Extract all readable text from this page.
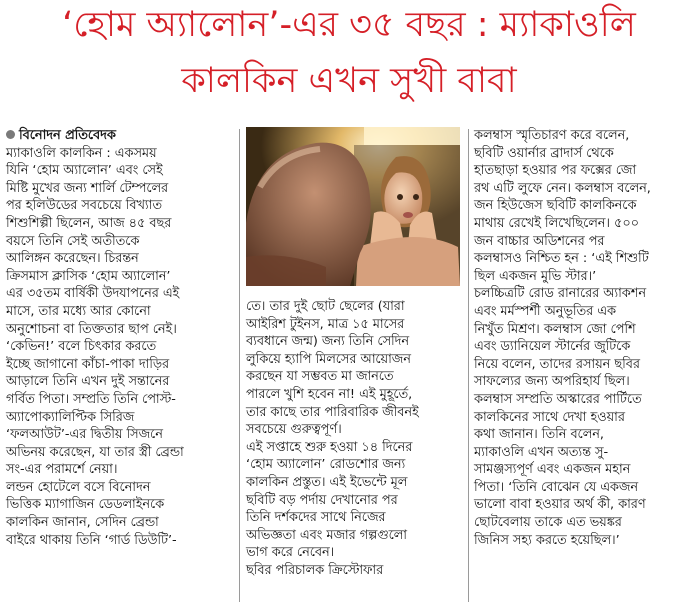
‘হোম অ্যালোন’-এর ৩৫ বছর : ম্যাকাওলি
কালকিন এখন সুখী বাবা
বিনোদন প্রতিবেদক
ম্যাকাওলি কালকিন : একসময়
যিনি ‘হোম অ্যালোন’ এবং সেই
মিষ্টি মুখের জন্য শার্লি টেম্পলের
পর হলিউডের সবচেয়ে বিখ্যাত
শিশুশিল্পী ছিলেন, আজ ৪৫ বছর
বয়সে তিনি সেই অতীতকে
আলিঙ্গন করেছেন। চিরন্তন
ক্রিসমাস ক্লাসিক ‘হোম অ্যালোন’
এর ৩৫তম বার্ষিকী উদযাপনের এই
মাসে, তার মধ্যে আর কোনো
অনুশোচনা বা তিক্ততার ছাপ নেই।
‘কেভিন!’ বলে চিৎকার করতে
ইচ্ছে জাগানো কাঁচা-পাকা দাড়ির
আড়ালে তিনি এখন দুই সন্তানের
গর্বিত পিতা। সম্প্রতি তিনি পোস্ট-
অ্যাপোক্যালিপ্টিক সিরিজ
‘ফলআউট’-এর দ্বিতীয় সিজনে
অভিনয় করেছেন, যা তার স্ত্রী ব্রেন্ডা
সং-এর পরামর্শে নেয়া।
লন্ডন হোটেলে বসে বিনোদন
ভিত্তিক ম্যাগাজিন ডেডলাইনকে
কালকিন জানান, সেদিন ব্রেন্ডা
বাইরে থাকায় তিনি ‘গার্ড ডিউটি’-
তে। তার দুই ছোট ছেলের (যারা
আইরিশ টুইনস, মাত্র ১৫ মাসের
ব্যবধানে জন্ম) জন্য তিনি সেদিন
লুকিয়ে হ্যাপি মিলসের আয়োজন
করছেন যা সম্ভবত মা জানতে
পারলে খুশি হবেন না! এই মুহূর্তে,
তার কাছে তার পারিবারিক জীবনই
সবচেয়ে গুরুত্বপূর্ণ।
এই সপ্তাহে শুরু হওয়া ১৪ দিনের
‘হোম অ্যালোন’ রোডশোর জন্য
কালকিন প্রস্তুত। এই ইভেন্টে মূল
ছবিটি বড় পর্দায় দেখানোর পর
তিনি দর্শকদের সাথে নিজের
অভিজ্ঞতা এবং মজার গল্পগুলো
ভাগ করে নেবেন।
ছবির পরিচালক ক্রিস্টোফার
কলম্বাস স্মৃতিচারণ করে বলেন,
ছবিটি ওয়ার্নার ব্রাদার্স থেকে
হাতছাড়া হওয়ার পর ফক্সের জো
রথ এটি লুফে নেন। কলম্বাস বলেন,
জন হিউজেস ছবিটি কালকিনকে
মাথায় রেখেই লিখেছিলেন। ৫০০
জন বাচ্চার অডিশনের পর
কলম্বাসও নিশ্চিত হন : ‘এই শিশুটি
ছিল একজন মুভি স্টার।’
চলচ্চিত্রটি রোড রানারের অ্যাকশন
এবং মর্মস্পর্শী অনুভূতির এক
নিখুঁত মিশ্রণ। কলম্বাস জো পেশি
এবং ড্যানিয়েল স্টার্নের জুটিকে
নিয়ে বলেন, তাদের রসায়ন ছবির
সাফল্যের জন্য অপরিহার্য ছিল।
কলম্বাস সম্প্রতি অস্কারের পার্টিতে
কালকিনের সাথে দেখা হওয়ার
কথা জানান। তিনি বলেন,
ম্যাকাওলি এখন অত্যন্ত সু-
সামঞ্জস্যপূর্ণ এবং একজন মহান
পিতা। ‘তিনি বোঝেন যে একজন
ভালো বাবা হওয়ার অর্থ কী, কারণ
ছোটবেলায় তাকে এত ভয়ঙ্কর
জিনিস সহ্য করতে হয়েছিল।’
